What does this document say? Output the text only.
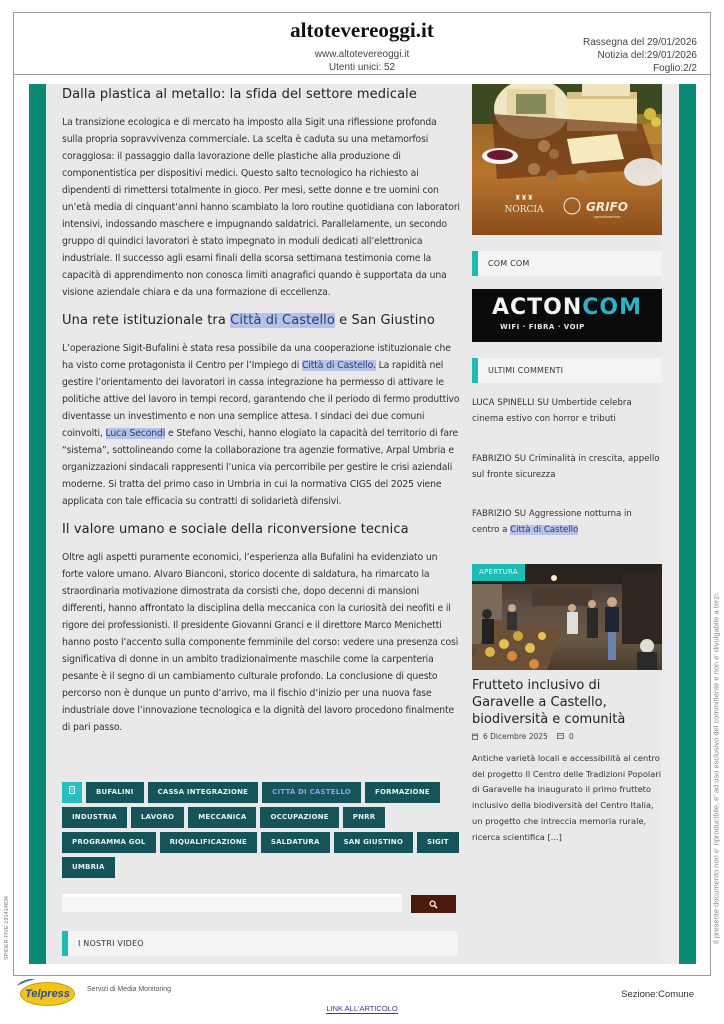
altotevereoggi.it
www.altotevereoggi.it
Utenti unici: 52
Rassegna del 29/01/2026
Notizia del:29/01/2026
Foglio:2/2
Dalla plastica al metallo: la sfida del settore medicale

La transizione ecologica e di mercato ha imposto alla Sigit una riflessione profonda sulla propria sopravvivenza commerciale. La scelta è caduta su una metamorfosi coraggiosa: il passaggio dalla lavorazione delle plastiche alla produzione di componentistica per dispositivi medici. Questo salto tecnologico ha richiesto ai dipendenti di rimettersi totalmente in gioco. Per mesi, sette donne e tre uomini con un’età media di cinquant’anni hanno scambiato la loro routine quotidiana con laboratori intensivi, indossando maschere e impugnando saldatrici. Parallelamente, un secondo gruppo di quindici lavoratori è stato impegnato in moduli dedicati all’elettronica industriale. Il successo agli esami finali della scorsa settimana testimonia come la capacità di apprendimento non conosca limiti anagrafici quando è supportata da una visione aziendale chiara e da una formazione di eccellenza.

Una rete istituzionale tra Città di Castello e San Giustino

L’operazione Sigit-Bufalini è stata resa possibile da una cooperazione istituzionale che ha visto come protagonista il Centro per l’Impiego di Città di Castello. La rapidità nel gestire l’orientamento dei lavoratori in cassa integrazione ha permesso di attivare le politiche attive del lavoro in tempi record, garantendo che il periodo di fermo produttivo diventasse un investimento e non una semplice attesa. I sindaci dei due comuni coinvolti, Luca Secondi e Stefano Veschi, hanno elogiato la capacità del territorio di fare “sistema”, sottolineando come la collaborazione tra agenzie formative, Arpal Umbria e organizzazioni sindacali rappresenti l’unica via percorribile per gestire le crisi aziendali moderne. Si tratta del primo caso in Umbria in cui la normativa CIGS del 2025 viene applicata con tale efficacia su contratti di solidarietà difensivi.

Il valore umano e sociale della riconversione tecnica

Oltre agli aspetti puramente economici, l’esperienza alla Bufalini ha evidenziato un forte valore umano. Alvaro Bianconi, storico docente di saldatura, ha rimarcato la straordinaria motivazione dimostrata da corsisti che, dopo decenni di mansioni differenti, hanno affrontato la disciplina della meccanica con la curiosità dei neofiti e il rigore dei professionisti. Il presidente Giovanni Granci e il direttore Marco Menichetti hanno posto l’accento sulla componente femminile del corso: vedere una presenza così significativa di donne in un ambito tradizionalmente maschile come la carpenteria pesante è il segno di un cambiamento culturale profondo. La conclusione di questo percorso non è dunque un punto d’arrivo, ma il fischio d’inizio per una nuova fase industriale dove l’innovazione tecnologica e la dignità del lavoro procedono finalmente di pari passo.

BUFALINI	CASSA INTEGRAZIONE	CITTÀ DI CASTELLO	FORMAZIONE
INDUSTRIA	LAVORO	MECCANICA	OCCUPAZIONE	PNRR
PROGRAMMA GOL	RIQUALIFICAZIONE	SALDATURA	SAN GIUSTINO	SIGIT
UMBRIA
I NOSTRI VIDEO
NORCIA
♜♜♜
GRIFO
agroalimentare
COM COM
ACTONCOM
WIFI · FIBRA · VOIP
ULTIMI COMMENTI
LUCA SPINELLI SU Umbertide celebra cinema estivo con horror e tributi
FABRIZIO SU Criminalità in crescita, appello sul fronte sicurezza
FABRIZIO SU Aggressione notturna in centro a Città di Castello
APERTURA
Frutteto inclusivo di Garavelle a Castello, biodiversità e comunità
6 Dicembre 2025	0
Antiche varietà locali e accessibilità al centro del progetto Il Centro delle Tradizioni Popolari di Garavelle ha inaugurato il primo frutteto inclusivo della biodiversità del Centro Italia, un progetto che intreccia memoria rurale, ricerca scientifica [...]	Il presente documento non e' riproducibile, e' ad uso esclusivo del committente e non e' divulgabile a terzi.
SPIDER-FIVE-191414834
Telpress Servizi di Media Monitoring	Sezione:Comune
LINK ALL'ARTICOLO
